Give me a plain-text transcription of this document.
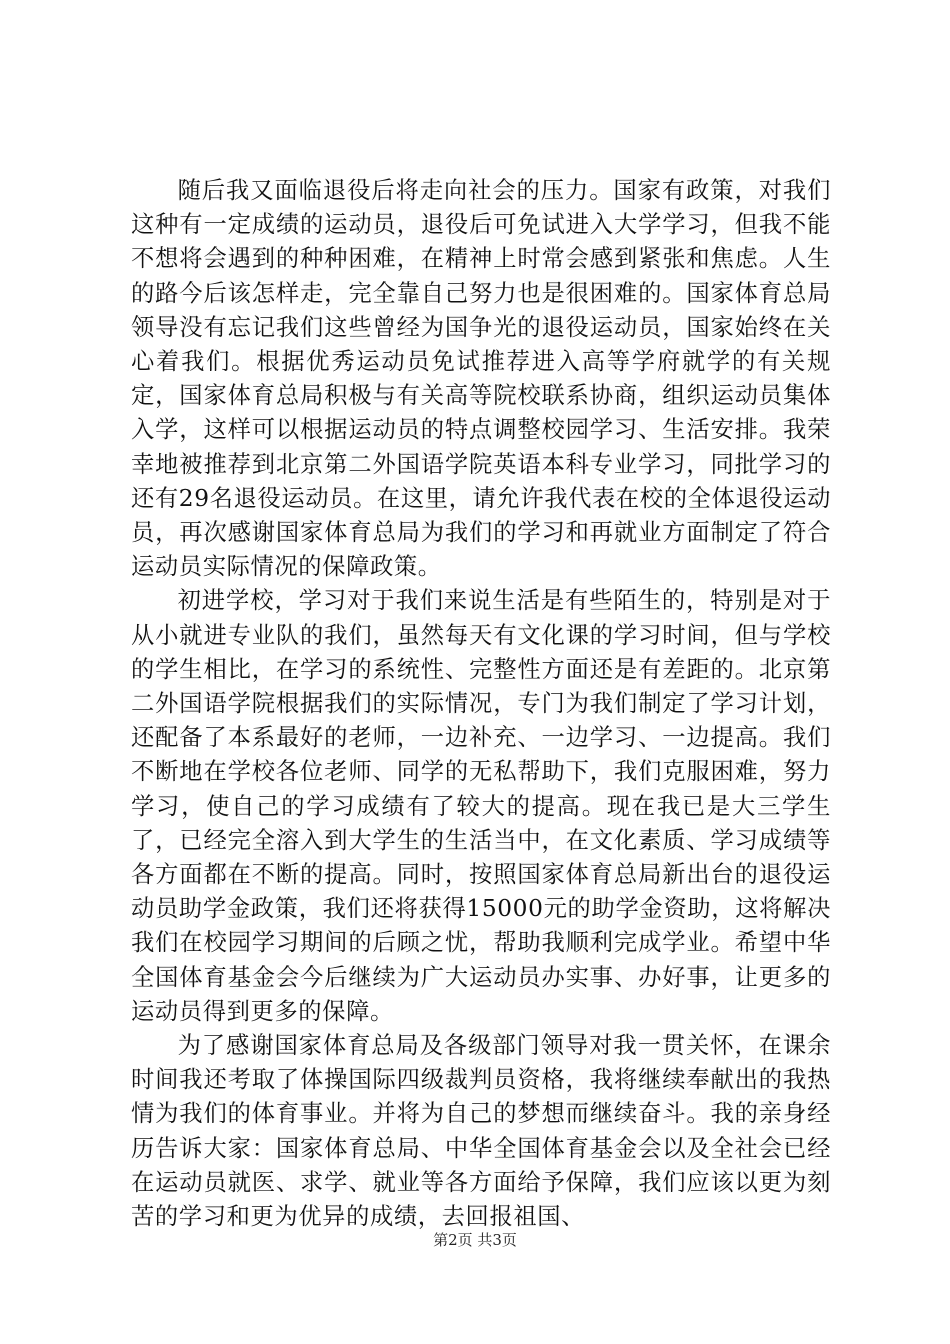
随后我又面临退役后将走向社会的压力。国家有政策，对我们这种有一定成绩的运动员，退役后可免试进入大学学习，但我不能不想将会遇到的种种困难，在精神上时常会感到紧张和焦虑。人生的路今后该怎样走，完全靠自己努力也是很困难的。国家体育总局领导没有忘记我们这些曾经为国争光的退役运动员，国家始终在关心着我们。根据优秀运动员免试推荐进入高等学府就学的有关规定，国家体育总局积极与有关高等院校联系协商，组织运动员集体入学，这样可以根据运动员的特点调整校园学习、生活安排。我荣幸地被推荐到北京第二外国语学院英语本科专业学习，同批学习的还有29名退役运动员。在这里，请允许我代表在校的全体退役运动员，再次感谢国家体育总局为我们的学习和再就业方面制定了符合运动员实际情况的保障政策。

初进学校，学习对于我们来说生活是有些陌生的，特别是对于从小就进专业队的我们，虽然每天有文化课的学习时间，但与学校的学生相比，在学习的系统性、完整性方面还是有差距的。北京第二外国语学院根据我们的实际情况，专门为我们制定了学习计划，还配备了本系最好的老师，一边补充、一边学习、一边提高。我们不断地在学校各位老师、同学的无私帮助下，我们克服困难，努力学习，使自己的学习成绩有了较大的提高。现在我已是大三学生了，已经完全溶入到大学生的生活当中，在文化素质、学习成绩等各方面都在不断的提高。同时，按照国家体育总局新出台的退役运动员助学金政策，我们还将获得15000元的助学金资助，这将解决我们在校园学习期间的后顾之忧，帮助我顺利完成学业。希望中华全国体育基金会今后继续为广大运动员办实事、办好事，让更多的运动员得到更多的保障。

为了感谢国家体育总局及各级部门领导对我一贯关怀，在课余时间我还考取了体操国际四级裁判员资格，我将继续奉献出的我热情为我们的体育事业。并将为自己的梦想而继续奋斗。我的亲身经历告诉大家：国家体育总局、中华全国体育基金会以及全社会已经在运动员就医、求学、就业等各方面给予保障，我们应该以更为刻苦的学习和更为优异的成绩，去回报祖国、

第2页 共3页
